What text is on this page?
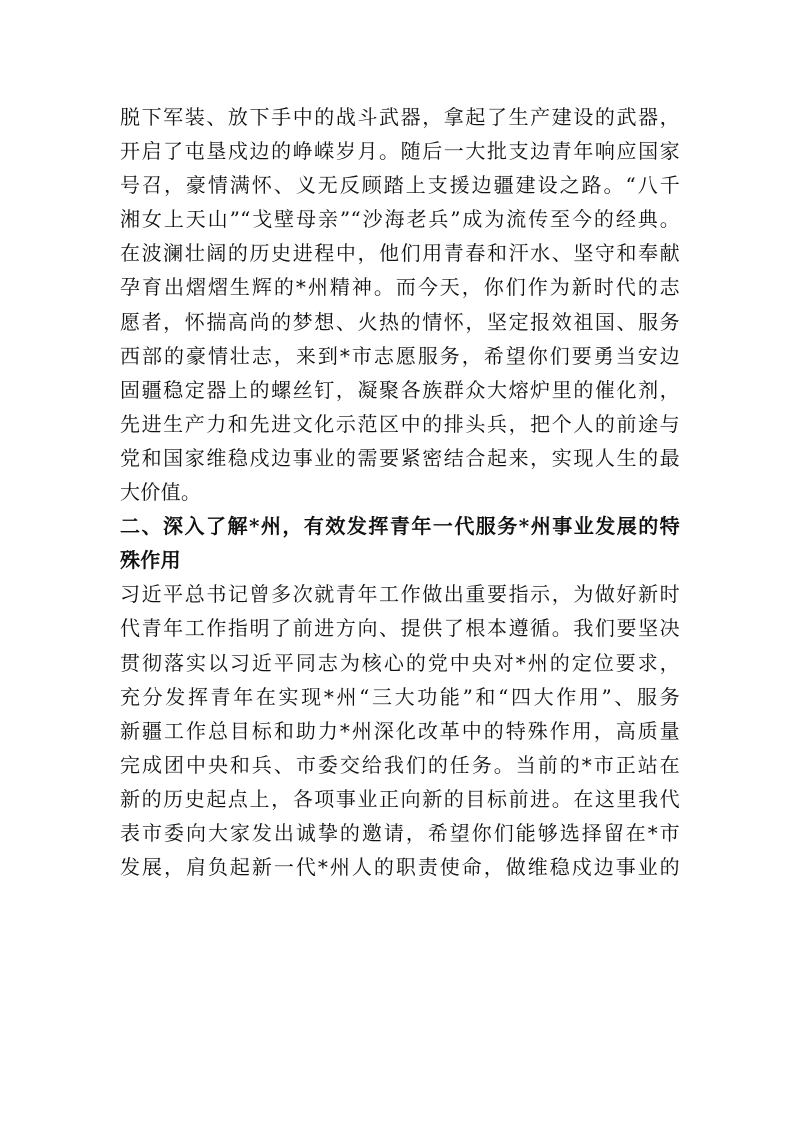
脱下军装、放下手中的战斗武器，拿起了生产建设的武器，
开启了屯垦戍边的峥嵘岁月。随后一大批支边青年响应国家
号召，豪情满怀、义无反顾踏上支援边疆建设之路。“八千
湘女上天山”“戈壁母亲”“沙海老兵”成为流传至今的经典。
在波澜壮阔的历史进程中，他们用青春和汗水、坚守和奉献
孕育出熠熠生辉的*州精神。而今天，你们作为新时代的志
愿者，怀揣高尚的梦想、火热的情怀，坚定报效祖国、服务
西部的豪情壮志，来到*市志愿服务，希望你们要勇当安边
固疆稳定器上的螺丝钉，凝聚各族群众大熔炉里的催化剂，
先进生产力和先进文化示范区中的排头兵，把个人的前途与
党和国家维稳戍边事业的需要紧密结合起来，实现人生的最
大价值。
二、深入了解*州，有效发挥青年一代服务*州事业发展的特
殊作用
习近平总书记曾多次就青年工作做出重要指示，为做好新时
代青年工作指明了前进方向、提供了根本遵循。我们要坚决
贯彻落实以习近平同志为核心的党中央对*州的定位要求，
充分发挥青年在实现*州“三大功能”和“四大作用”、服务
新疆工作总目标和助力*州深化改革中的特殊作用，高质量
完成团中央和兵、市委交给我们的任务。当前的*市正站在
新的历史起点上，各项事业正向新的目标前进。在这里我代
表市委向大家发出诚挚的邀请，希望你们能够选择留在*市
发展，肩负起新一代*州人的职责使命，做维稳戍边事业的
